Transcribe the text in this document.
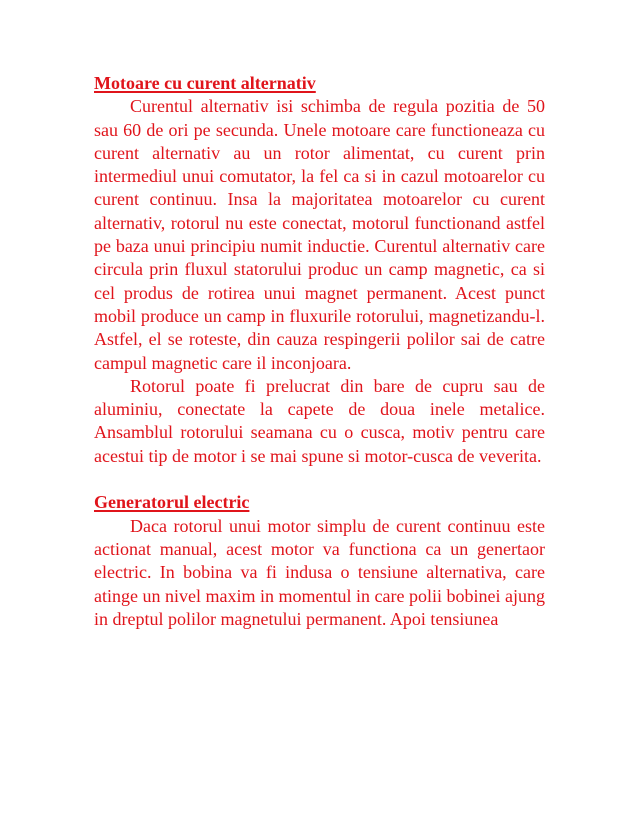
Motoare cu curent alternativ

Curentul alternativ isi schimba de regula pozitia de 50 sau 60 de ori pe secunda. Unele motoare care functioneaza cu curent alternativ au un rotor alimentat, cu curent prin intermediul unui comutator, la fel ca si in cazul motoarelor cu curent continuu. Insa la majoritatea motoarelor cu curent alternativ, rotorul nu este conectat, motorul functionand astfel pe baza unui principiu numit inductie. Curentul alternativ care circula prin fluxul statorului produc un camp magnetic, ca si cel produs de rotirea unui magnet permanent. Acest punct mobil produce un camp in fluxurile rotorului, magnetizandu-l. Astfel, el se roteste, din cauza respingerii polilor sai de catre campul magnetic care il inconjoara.

Rotorul poate fi prelucrat din bare de cupru sau de aluminiu, conectate la capete de doua inele metalice. Ansamblul rotorului seamana cu o cusca, motiv pentru care acestui tip de motor i se mai spune si motor-cusca de veverita.

Generatorul electric

Daca rotorul unui motor simplu de curent continuu este actionat manual, acest motor va functiona ca un genertaor electric. In bobina va fi indusa o tensiune alternativa, care atinge un nivel maxim in momentul in care polii bobinei ajung in dreptul polilor magnetului permanent. Apoi tensiunea
